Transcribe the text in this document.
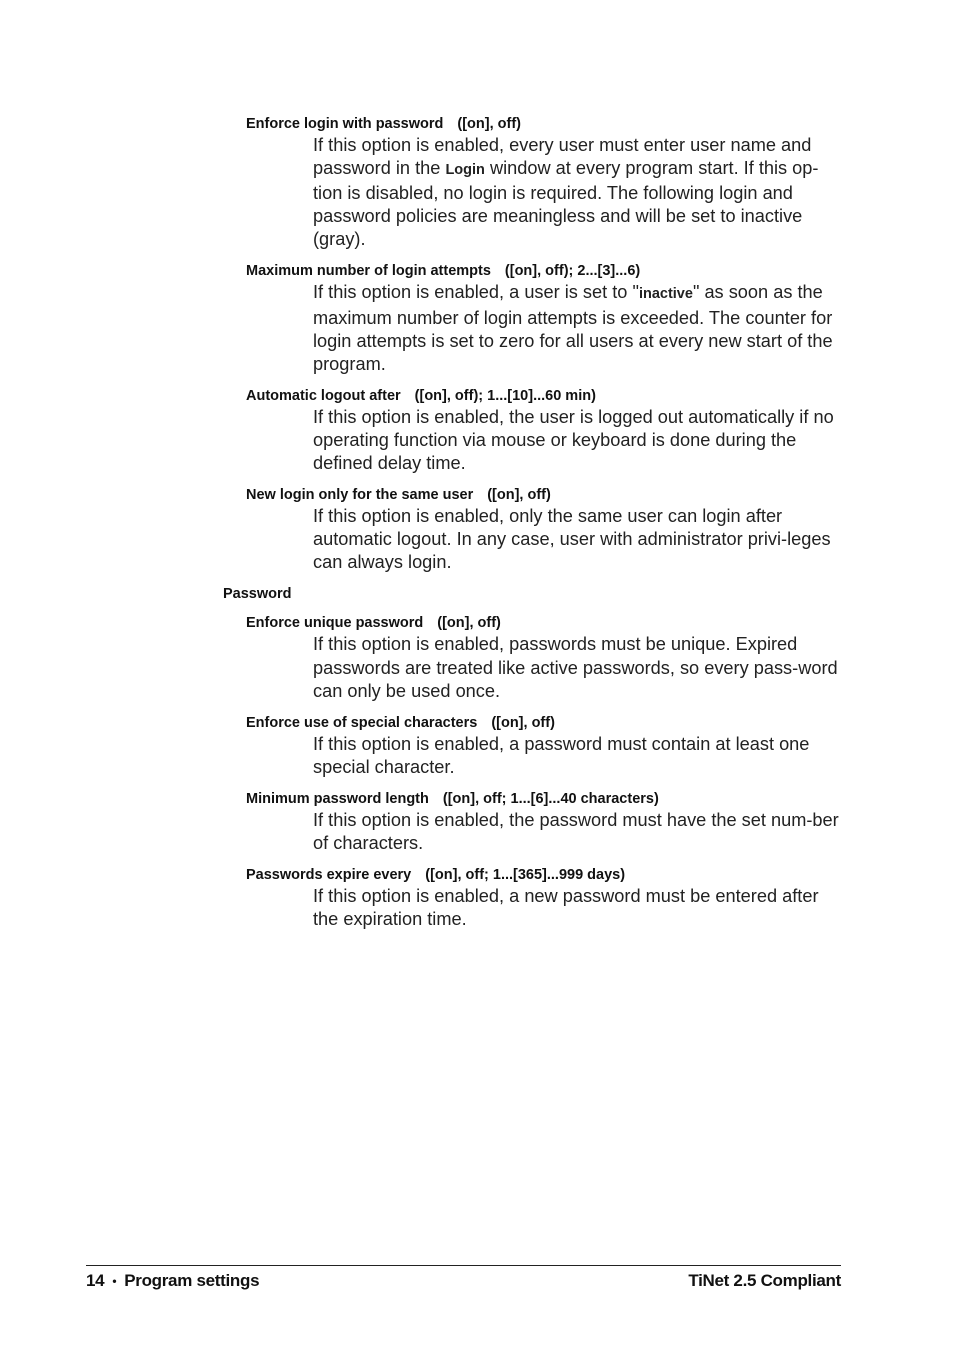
Enforce login with password ([on], off)

If this option is enabled, every user must enter user name and password in the Login window at every program start. If this op-tion is disabled, no login is required. The following login and password policies are meaningless and will be set to inactive (gray).

Maximum number of login attempts ([on], off); 2...[3]...6)

If this option is enabled, a user is set to "inactive" as soon as the maximum number of login attempts is exceeded. The counter for login attempts is set to zero for all users at every new start of the program.

Automatic logout after ([on], off); 1...[10]...60 min)

If this option is enabled, the user is logged out automatically if no operating function via mouse or keyboard is done during the defined delay time.

New login only for the same user ([on], off)

If this option is enabled, only the same user can login after automatic logout. In any case, user with administrator privi-leges can always login.

Password

Enforce unique password ([on], off)

If this option is enabled, passwords must be unique. Expired passwords are treated like active passwords, so every pass-word can only be used once.

Enforce use of special characters ([on], off)

If this option is enabled, a password must contain at least one special character.

Minimum password length ([on], off; 1...[6]...40 characters)

If this option is enabled, the password must have the set num-ber of characters.

Passwords expire every ([on], off; 1...[365]...999 days)

If this option is enabled, a new password must be entered after the expiration time.

14 • Program settings	TiNet 2.5 Compliant
